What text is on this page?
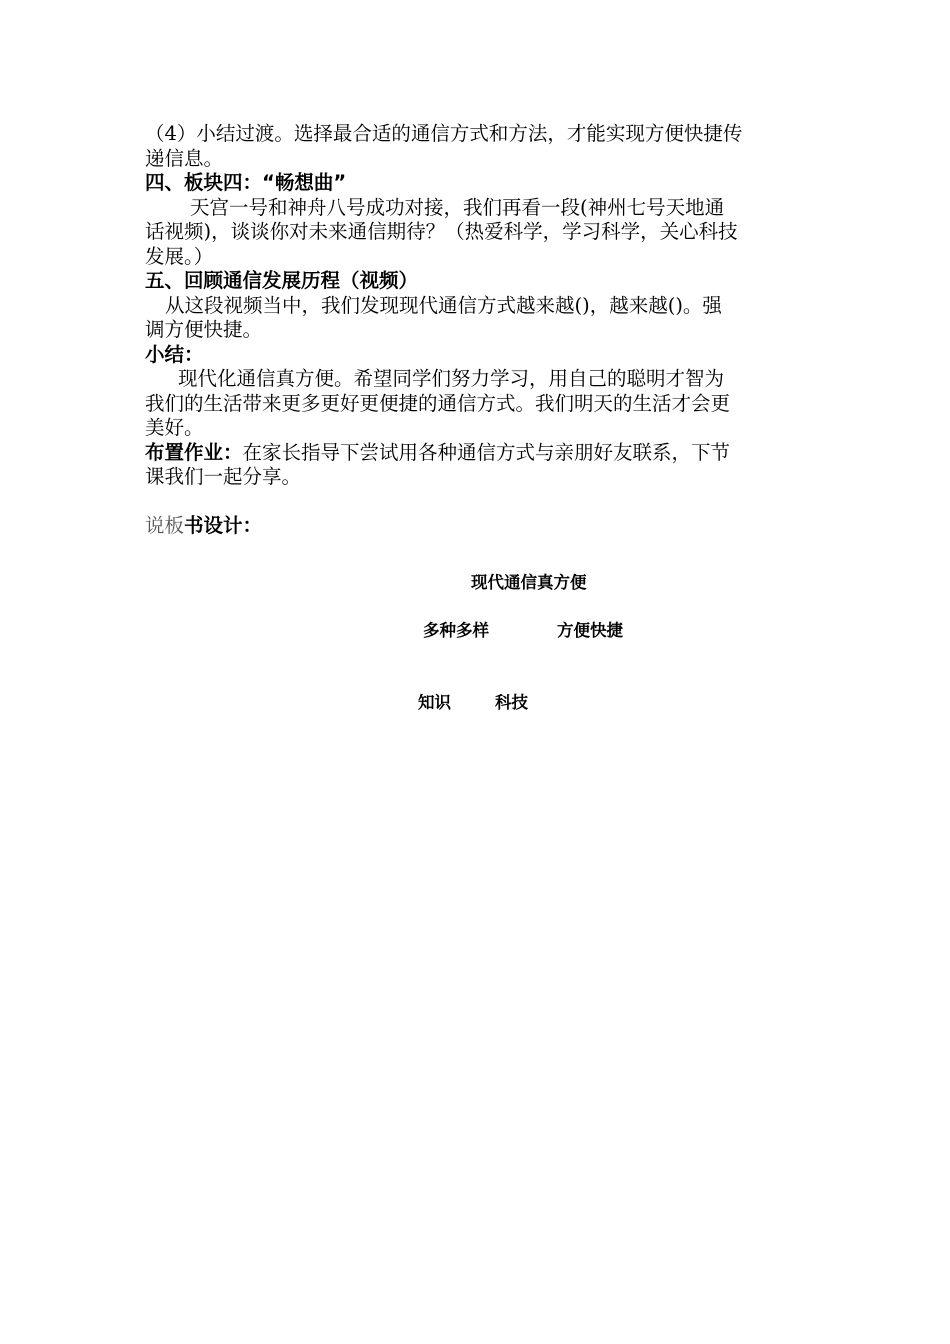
（4）小结过渡。选择最合适的通信方式和方法，才能实现方便快捷传
递信息。
四、板块四：“畅想曲”
天宫一号和神舟八号成功对接，我们再看一段(神州七号天地通
话视频)，谈谈你对未来通信期待？（热爱科学，学习科学，关心科技
发展。）
五、回顾通信发展历程（视频）
从这段视频当中，我们发现现代通信方式越来越()，越来越()。强
调方便快捷。
小结：
现代化通信真方便。希望同学们努力学习，用自己的聪明才智为
我们的生活带来更多更好更便捷的通信方式。我们明天的生活才会更
美好。
布置作业：在家长指导下尝试用各种通信方式与亲朋好友联系，下节
课我们一起分享。
说板书设计：
现代通信真方便
多种多样	方便快捷
知识	科技
